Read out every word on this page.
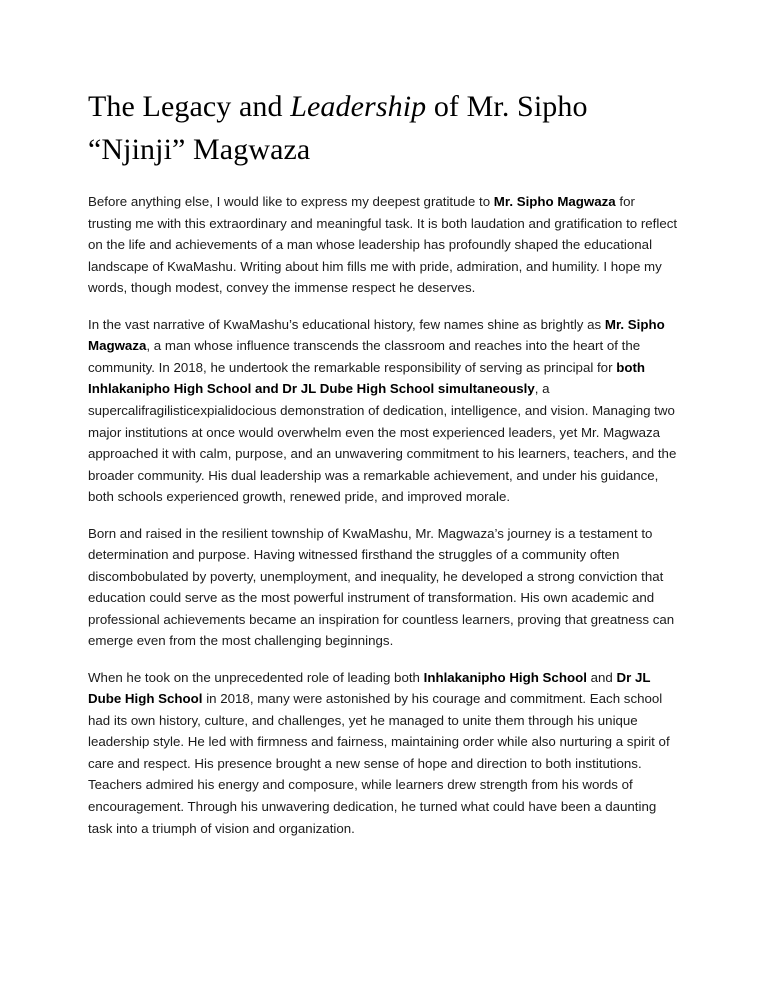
The Legacy and Leadership of Mr. Sipho “Njinji” Magwaza

Before anything else, I would like to express my deepest gratitude to Mr. Sipho Magwaza for trusting me with this extraordinary and meaningful task. It is both laudation and gratification to reflect on the life and achievements of a man whose leadership has profoundly shaped the educational landscape of KwaMashu. Writing about him fills me with pride, admiration, and humility. I hope my words, though modest, convey the immense respect he deserves.

In the vast narrative of KwaMashu’s educational history, few names shine as brightly as Mr. Sipho Magwaza, a man whose influence transcends the classroom and reaches into the heart of the community. In 2018, he undertook the remarkable responsibility of serving as principal for both Inhlakanipho High School and Dr JL Dube High School simultaneously, a supercalifragilisticexpialidocious demonstration of dedication, intelligence, and vision. Managing two major institutions at once would overwhelm even the most experienced leaders, yet Mr. Magwaza approached it with calm, purpose, and an unwavering commitment to his learners, teachers, and the broader community. His dual leadership was a remarkable achievement, and under his guidance, both schools experienced growth, renewed pride, and improved morale.

Born and raised in the resilient township of KwaMashu, Mr. Magwaza’s journey is a testament to determination and purpose. Having witnessed firsthand the struggles of a community often discombobulated by poverty, unemployment, and inequality, he developed a strong conviction that education could serve as the most powerful instrument of transformation. His own academic and professional achievements became an inspiration for countless learners, proving that greatness can emerge even from the most challenging beginnings.

When he took on the unprecedented role of leading both Inhlakanipho High School and Dr JL Dube High School in 2018, many were astonished by his courage and commitment. Each school had its own history, culture, and challenges, yet he managed to unite them through his unique leadership style. He led with firmness and fairness, maintaining order while also nurturing a spirit of care and respect. His presence brought a new sense of hope and direction to both institutions. Teachers admired his energy and composure, while learners drew strength from his words of encouragement. Through his unwavering dedication, he turned what could have been a daunting task into a triumph of vision and organization.
